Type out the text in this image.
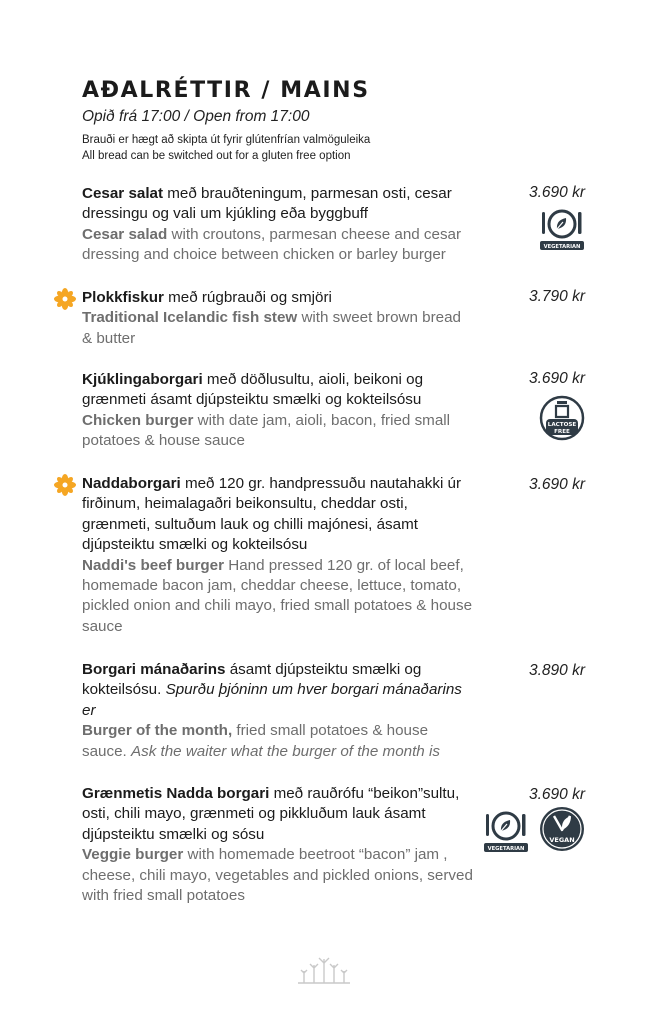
AÐALRÉTTIR / MAINS
Opið frá 17:00 / Open from 17:00
Brauði er hægt að skipta út fyrir glútenfrían valmöguleika
All bread can be switched out for a gluten free option
Cesar salat með brauðteningum, parmesan osti, cesar dressingu og vali um kjúkling eða byggbuff
Cesar salad with croutons, parmesan cheese and cesar dressing and choice between chicken or barley burger
3.690 kr
VEGETARIAN
Plokkfiskur með rúgbrauði og smjöri
Traditional Icelandic fish stew with sweet brown bread & butter
3.790 kr
Kjúklingaborgari með döðlusultu, aioli, beikoni og grænmeti ásamt djúpsteiktu smælki og kokteilsósu
Chicken burger with date jam, aioli, bacon, fried small potatoes & house sauce
3.690 kr
LACTOSE
FREE
Naddaborgari með 120 gr. handpressuðu nautahakki úr firðinum, heimalagaðri beikonsultu, cheddar osti, grænmeti, sultuðum lauk og chilli majónesi, ásamt djúpsteiktu smælki og kokteilsósu
Naddi's beef burger Hand pressed 120 gr. of local beef, homemade bacon jam, cheddar cheese, lettuce, tomato, pickled onion and chili mayo, fried small potatoes & house sauce
3.690 kr
Borgari mánaðarins ásamt djúpsteiktu smælki og kokteilsósu. Spurðu þjóninn um hver borgari mánaðarins er
Burger of the month, fried small potatoes & house sauce. Ask the waiter what the burger of the month is
3.890 kr
Grænmetis Nadda borgari með rauðrófu “beikon”sultu, osti, chili mayo, grænmeti og pikkluðum lauk ásamt djúpsteiktu smælki og sósu
Veggie burger with homemade beetroot “bacon” jam , cheese, chili mayo, vegetables and pickled onions, served with fried small potatoes
3.690 kr
VEGETARIAN
VEGAN
